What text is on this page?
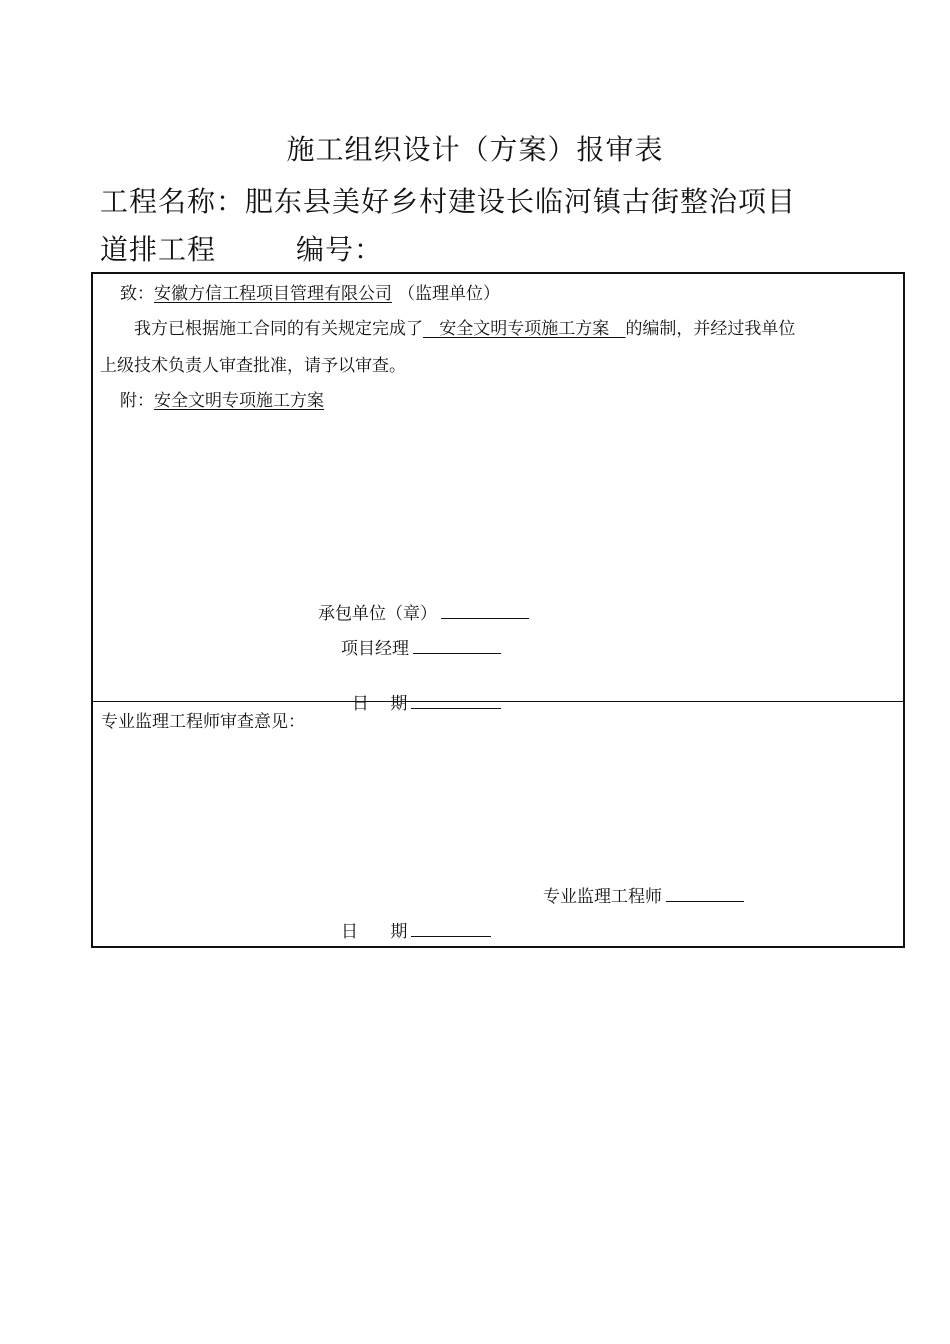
施工组织设计（方案）报审表
工程名称：肥东县美好乡村建设长临河镇古街整治项目
道排工程	编号：
致：安徽方信工程项目管理有限公司 （监理单位）
我方已根据施工合同的有关规定完成了   安全文明专项施工方案   的编制，并经过我单位
上级技术负责人审查批准，请予以审查。
附：安全文明专项施工方案
承包单位（章）
项目经理

日    期

专业监理工程师审查意见：
专业监理工程师
日      期
